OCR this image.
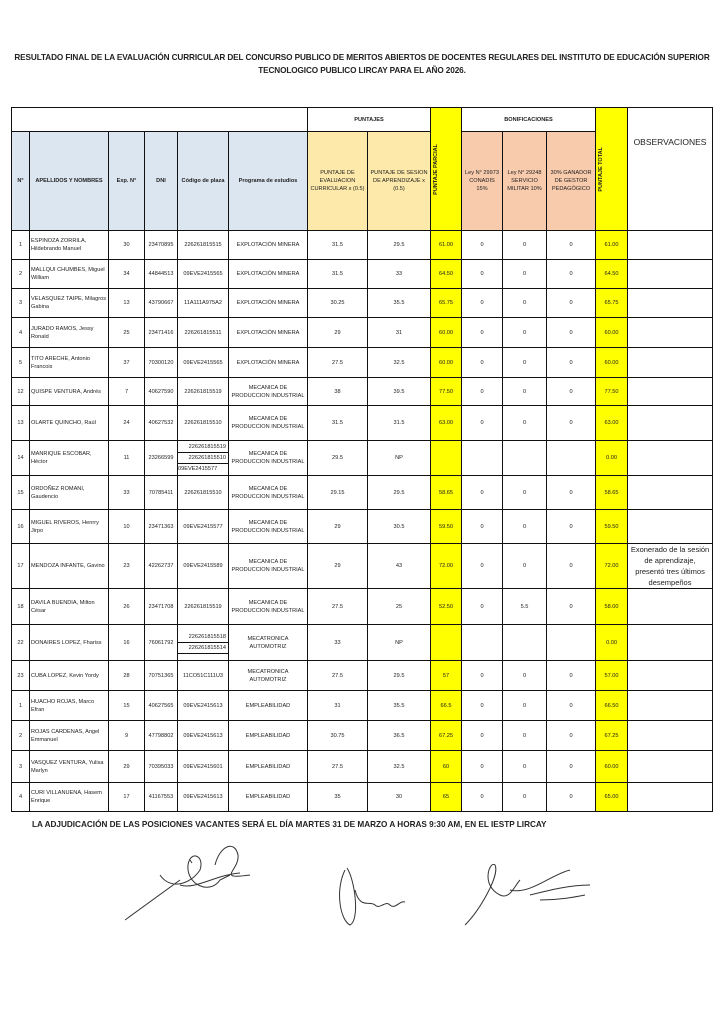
RESULTADO FINAL DE LA EVALUACIÓN CURRICULAR DEL CONCURSO PUBLICO DE MERITOS ABIERTOS DE DOCENTES REGULARES DEL INSTITUTO DE EDUCACIÓN SUPERIOR
TECNOLOGICO PUBLICO LIRCAY PARA EL AÑO 2026.
						PUNTAJES		PUNTAJE PARCIAL	BONIFICACIONES			PUNTAJE TOTAL	OBSERVACIONES
N°	APELLIDOS Y NOMBRES	Exp. N°	DNI	Código de plaza	Programa de estudios	PUNTAJE DE EVALUACION CURRICULAR x (0.5)	PUNTAJE DE SESION DE APRENDIZAJE x (0.5)		Ley N° 29973 CONADIS 15%	Ley N° 29248 SERVICIO MILITAR 10%	30% GANADOR DE GESTOR PEDAGÓGICO		
1	ESPINOZA ZORRILA, Hildebrando Manuel	30	23470895	226261815515	EXPLOTACIÓN MINERA	31.5	29.5	61.00	0	0	0	61.00	
2	MALLQUI CHUMBES, Miguel William	34	44844513	09EVE2415565	EXPLOTACIÓN MINERA	31.5	33	64.50	0	0	0	64.50	
3	VELASQUEZ TAIPE, Milagros Gabina	13	43790667	11A111A975A2	EXPLOTACIÓN MINERA	30.25	35.5	65.75	0	0	0	65.75	
4	JURADO RAMOS, Jessy Ronald	25	23471416	226261815511	EXPLOTACIÓN MINERA	29	31	60.00	0	0	0	60.00	
5	TITO ARECHE, Antonio Francois	37	70300120	09EVE2415565	EXPLOTACIÓN MINERA	27.5	32.5	60.00	0	0	0	60.00	
12	QUISPE VENTURA, Andrés	7	40627590	226261815519	MECANICA DE PRODUCCION INDUSTRIAL	38	39.5	77.50	0	0	0	77.50	
13	OLARTE QUINCHO, Raúl	24	40627532	226261815510	MECANICA DE PRODUCCION INDUSTRIAL	31.5	31.5	63.00	0	0	0	63.00	
14	MANRIQUE ESCOBAR, Héctor	11	23266599	226261815519
226261815510
09EVE2415577	MECANICA DE PRODUCCION INDUSTRIAL	29.5	NP					0.00	
15	ORDOÑEZ ROMANI, Gaudencio	33	70785411	226261815510	MECANICA DE PRODUCCION INDUSTRIAL	29.15	29.5	58.65	0	0	0	58.65	
16	MIGUEL RIVEROS, Henrry Jirpo	10	23471363	09EVE2415577	MECANICA DE PRODUCCION INDUSTRIAL	29	30.5	59.50	0	0	0	59.50	
17	MENDOZA INFANTE, Gavino	23	42262737	09EVE2415589	MECANICA DE PRODUCCION INDUSTRIAL	29	43	72.00	0	0	0	72.00	Exonerado de la sesión de aprendizaje, presentó tres últimos desempeños
18	DAVILA BUENDIA, Milton César	26	23471708	226261815519	MECANICA DE PRODUCCION INDUSTRIAL	27.5	25	52.50	0	5.5	0	58.00	
22	DONAIRES LOPEZ, Fhariss	16	76061792	226261815518
226261815514	MECATRONICA AUTOMOTRIZ	33	NP					0.00	
23	CUBA LOPEZ, Kevin Yordy	28	70751365	11CO51C111U3	MECATRONICA AUTOMOTRIZ	27.5	29.5	57	0	0	0	57.00	
1	HUACHO ROJAS, Marco Efran	15	40627565	09EVE2415613	EMPLEABILIDAD	31	35.5	66.5	0	0	0	66.50	
2	ROJAS CARDENAS, Angel Emmanuel	9	47798802	09EVE2415613	EMPLEABILIDAD	30.75	36.5	67.25	0	0	0	67.25	
3	VASQUEZ VENTURA, Yulisa Marlyn	29	70395033	09EVE2415601	EMPLEABILIDAD	27.5	32.5	60	0	0	0	60.00	
4	CURI VILLANUENA, Hasem Enrique	17	41167553	09EVE2415613	EMPLEABILIDAD	35	30	65	0	0	0	65.00	
LA ADJUDICACIÓN DE LAS POSICIONES VACANTES SERÁ EL DÍA MARTES 31 DE MARZO A HORAS 9:30 AM, EN EL IESTP LIRCAY
